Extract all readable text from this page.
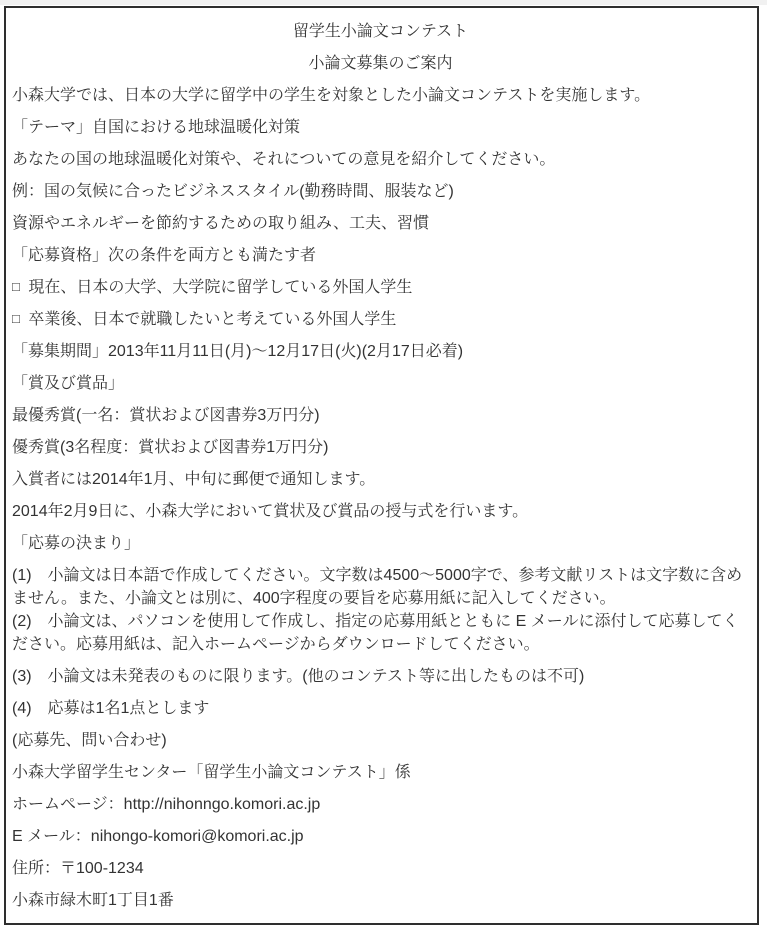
留学生小論文コンテスト

小論文募集のご案内

小森大学では、日本の大学に留学中の学生を対象とした小論文コンテストを実施します。

「テーマ」自国における地球温暖化対策

あなたの国の地球温暖化対策や、それについての意見を紹介してください。

例：国の気候に合ったビジネススタイル(勤務時間、服装など)

資源やエネルギーを節約するための取り組み、工夫、習慣

「応募資格」次の条件を両方とも満たす者

□ 現在、日本の大学、大学院に留学している外国人学生

□ 卒業後、日本で就職したいと考えている外国人学生

「募集期間」2013年11月11日(月)～12月17日(火)(2月17日必着)

「賞及び賞品」

最優秀賞(一名：賞状および図書券3万円分)

優秀賞(3名程度：賞状および図書券1万円分)

入賞者には2014年1月、中旬に郵便で通知します。

2014年2月9日に、小森大学において賞状及び賞品の授与式を行います。

「応募の決まり」

(1)　小論文は日本語で作成してください。文字数は4500～5000字で、参考文献リストは文字数に含めません。また、小論文とは別に、400字程度の要旨を応募用紙に記入してください。
(2)　小論文は、パソコンを使用して作成し、指定の応募用紙とともに E メールに添付して応募してください。応募用紙は、記入ホームページからダウンロードしてください。

(3)　小論文は未発表のものに限ります。(他のコンテスト等に出したものは不可)

(4)　応募は1名1点とします

(応募先、問い合わせ)

小森大学留学生センター「留学生小論文コンテスト」係

ホームページ：http://nihonngo.komori.ac.jp

E メール：nihongo-komori@komori.ac.jp

住所：〒100-1234

小森市緑木町1丁目1番
